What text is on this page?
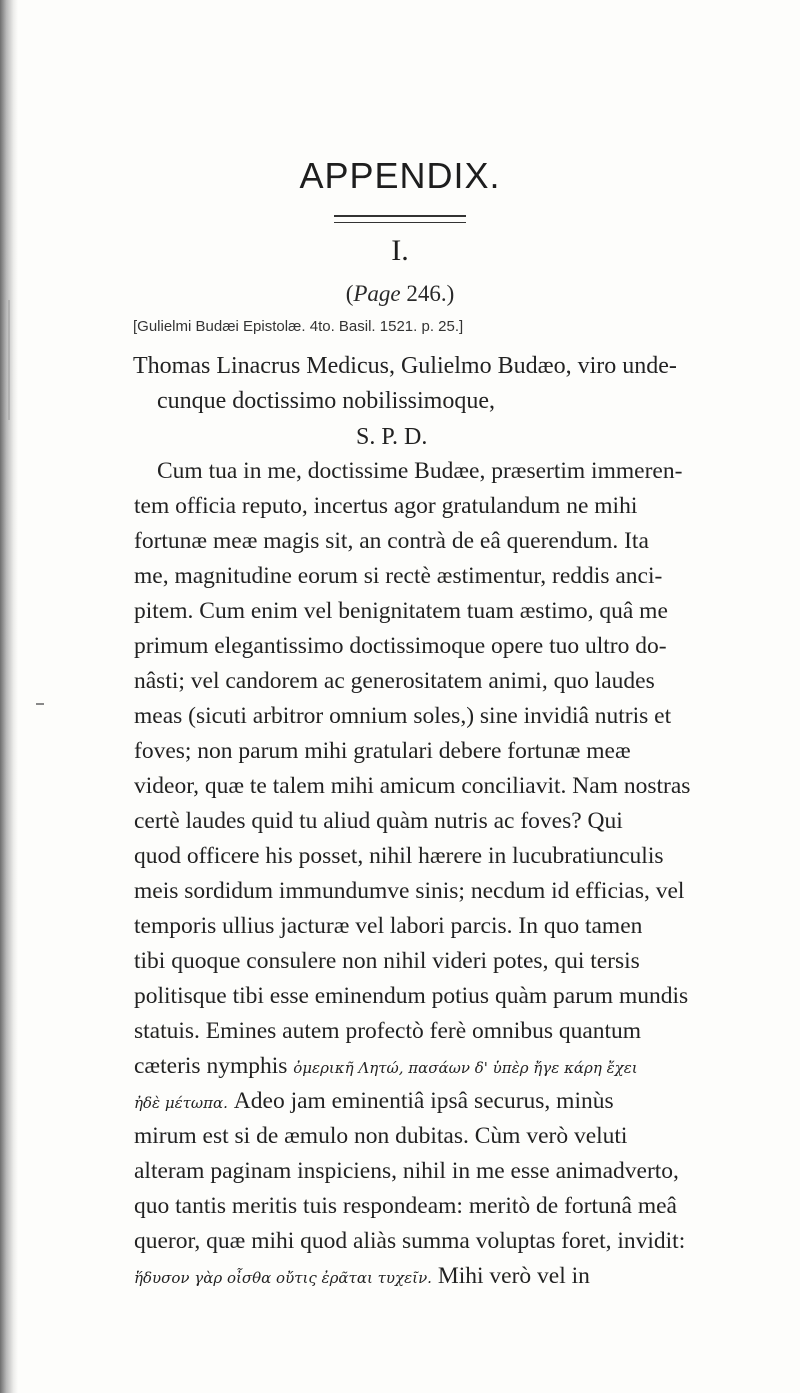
APPENDIX.
I.
(Page 246.)
[Gulielmi Budæi Epistolæ. 4to. Basil. 1521. p. 25.]
Thomas Linacrus Medicus, Gulielmo Budæo, viro unde-
cunque doctissimo nobilissimoque,
S. P. D.
Cum tua in me, doctissime Budæe, præsertim immeren-
tem officia reputo, incertus agor gratulandum ne mihi
fortunæ meæ magis sit, an contrà de eâ querendum. Ita
me, magnitudine eorum si rectè æstimentur, reddis anci-
pitem. Cum enim vel benignitatem tuam æstimo, quâ me
primum elegantissimo doctissimoque opere tuo ultro do-
nâsti; vel candorem ac generositatem animi, quo laudes
meas (sicuti arbitror omnium soles,) sine invidiâ nutris et
foves; non parum mihi gratulari debere fortunæ meæ
videor, quæ te talem mihi amicum conciliavit. Nam nostras
certè laudes quid tu aliud quàm nutris ac foves? Qui
quod officere his posset, nihil hærere in lucubratiunculis
meis sordidum immundumve sinis; necdum id efficias, vel
temporis ullius jacturæ vel labori parcis. In quo tamen
tibi quoque consulere non nihil videri potes, qui tersis
politisque tibi esse eminendum potius quàm parum mundis
statuis. Emines autem profectò ferè omnibus quantum
cæteris nymphis ὀμερικῆ Λητώ, πασάων δ' ὑπὲρ ἤγε κάρη ἔχει
ἠδὲ μέτωπα. Adeo jam eminentiâ ipsâ securus, minùs
mirum est si de æmulo non dubitas. Cùm verò veluti
alteram paginam inspiciens, nihil in me esse animadverto,
quo tantis meritis tuis respondeam: meritò de fortunâ meâ
queror, quæ mihi quod aliàs summa voluptas foret, invidit:
ἥδυσον γὰρ οἶσθα οὔτις ἐρᾶται τυχεῖν. Mihi verò vel in
